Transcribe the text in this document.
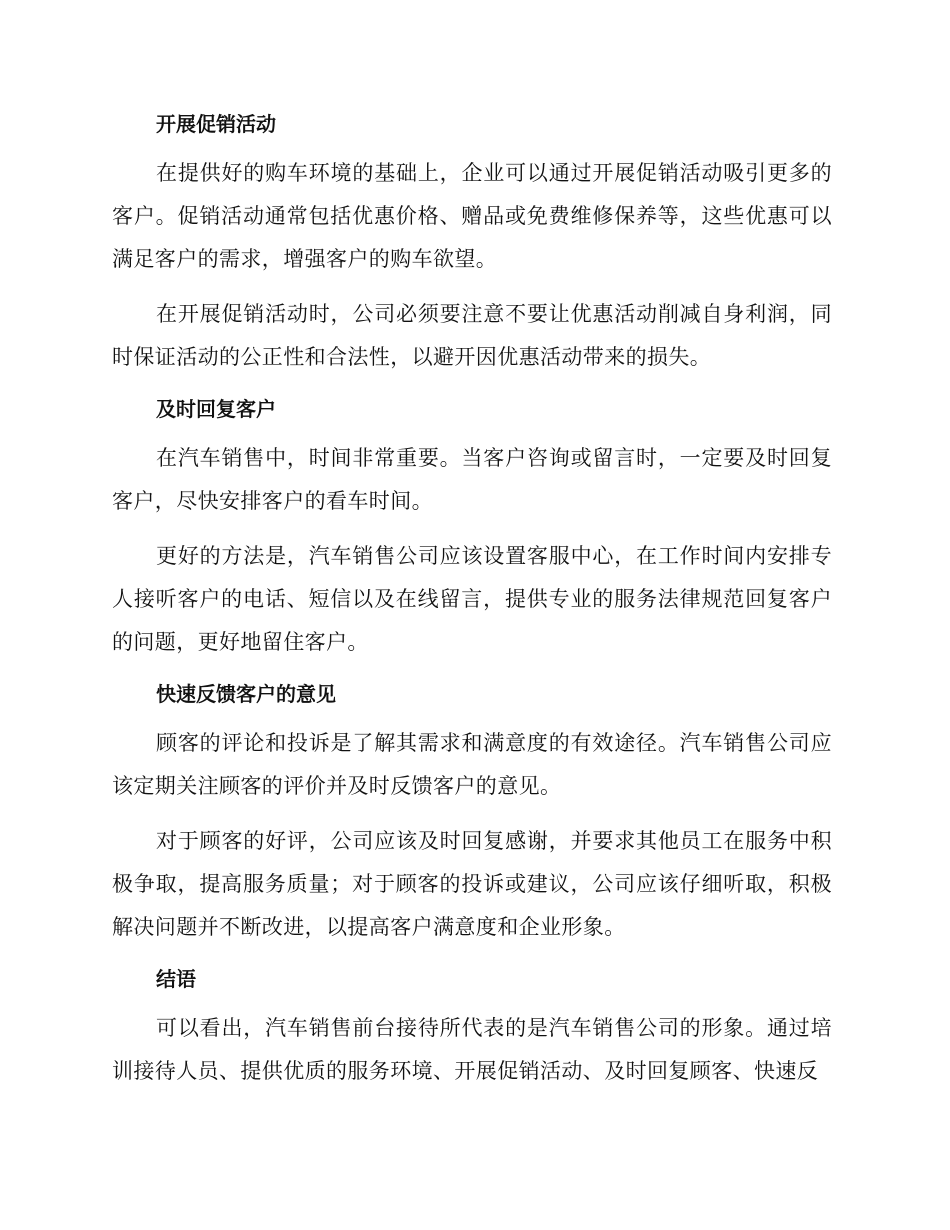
开展促销活动

在提供好的购车环境的基础上，企业可以通过开展促销活动吸引更多的客户。促销活动通常包括优惠价格、赠品或免费维修保养等，这些优惠可以满足客户的需求，增强客户的购车欲望。

在开展促销活动时，公司必须要注意不要让优惠活动削减自身利润，同时保证活动的公正性和合法性，以避开因优惠活动带来的损失。

及时回复客户

在汽车销售中，时间非常重要。当客户咨询或留言时，一定要及时回复客户，尽快安排客户的看车时间。

更好的方法是，汽车销售公司应该设置客服中心，在工作时间内安排专人接听客户的电话、短信以及在线留言，提供专业的服务法律规范回复客户的问题，更好地留住客户。

快速反馈客户的意见

顾客的评论和投诉是了解其需求和满意度的有效途径。汽车销售公司应该定期关注顾客的评价并及时反馈客户的意见。

对于顾客的好评，公司应该及时回复感谢，并要求其他员工在服务中积极争取，提高服务质量；对于顾客的投诉或建议，公司应该仔细听取，积极解决问题并不断改进，以提高客户满意度和企业形象。

结语

可以看出，汽车销售前台接待所代表的是汽车销售公司的形象。通过培训接待人员、提供优质的服务环境、开展促销活动、及时回复顾客、快速反
